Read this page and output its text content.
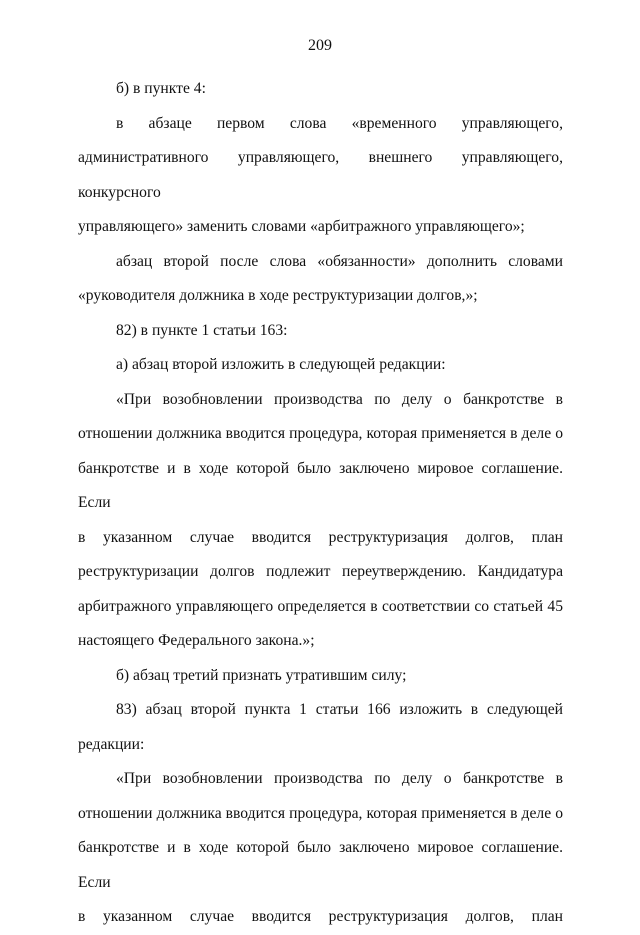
209
б) в пункте 4:
в абзаце первом слова «временного управляющего,
административного управляющего, внешнего управляющего, конкурсного
управляющего» заменить словами «арбитражного управляющего»;
абзац второй после слова «обязанности» дополнить словами
«руководителя должника в ходе реструктуризации долгов,»;
82) в пункте 1 статьи 163:
а) абзац второй изложить в следующей редакции:
«При возобновлении производства по делу о банкротстве в
отношении должника вводится процедура, которая применяется в деле о
банкротстве и в ходе которой было заключено мировое соглашение. Если
в указанном случае вводится реструктуризация долгов, план
реструктуризации долгов подлежит переутверждению. Кандидатура
арбитражного управляющего определяется в соответствии со статьей 45
настоящего Федерального закона.»;
б) абзац третий признать утратившим силу;
83) абзац второй пункта 1 статьи 166 изложить в следующей
редакции:
«При возобновлении производства по делу о банкротстве в
отношении должника вводится процедура, которая применяется в деле о
банкротстве и в ходе которой было заключено мировое соглашение. Если
в указанном случае вводится реструктуризация долгов, план
